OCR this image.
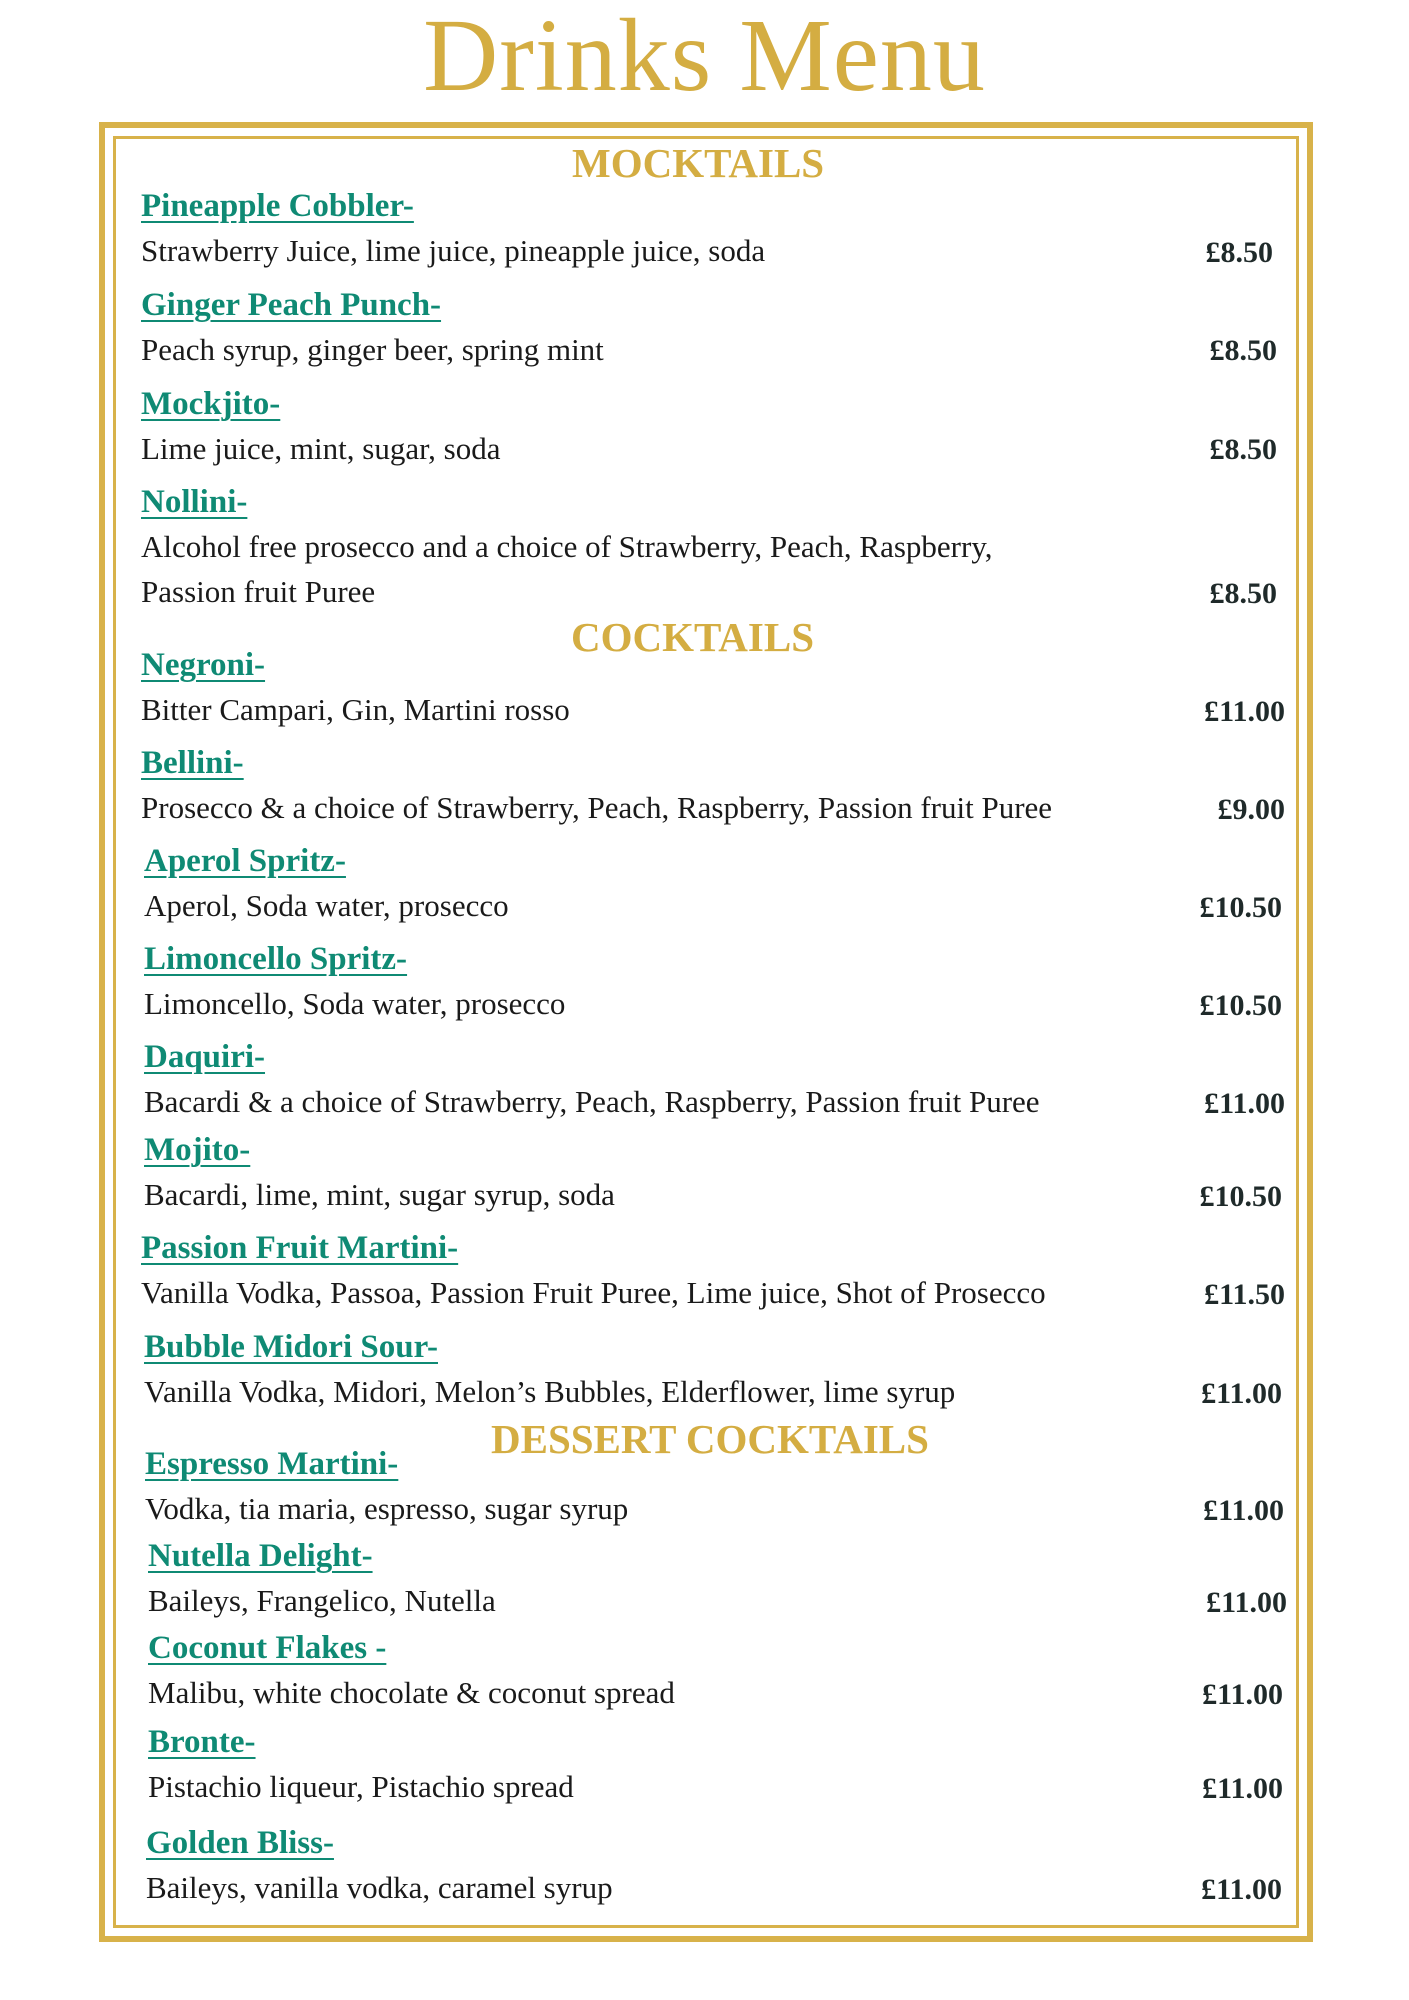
Drinks Menu
MOCKTAILS
Pineapple Cobbler-
Strawberry Juice, lime juice, pineapple juice, soda	£8.50
Ginger Peach Punch-
Peach syrup, ginger beer, spring mint	£8.50
Mockjito-
Lime juice, mint, sugar, soda	£8.50
Nollini-
Alcohol free prosecco and a choice of Strawberry, Peach, Raspberry,
Passion fruit Puree	£8.50
COCKTAILS
Negroni-
Bitter Campari, Gin, Martini rosso	£11.00
Bellini-
Prosecco & a choice of Strawberry, Peach, Raspberry, Passion fruit Puree	£9.00
Aperol Spritz-
Aperol, Soda water, prosecco	£10.50
Limoncello Spritz-
Limoncello, Soda water, prosecco	£10.50
Daquiri-
Bacardi & a choice of Strawberry, Peach, Raspberry, Passion fruit Puree	£11.00
Mojito-
Bacardi, lime, mint, sugar syrup, soda	£10.50
Passion Fruit Martini-
Vanilla Vodka, Passoa, Passion Fruit Puree, Lime juice, Shot of Prosecco	£11.50
Bubble Midori Sour-
Vanilla Vodka, Midori, Melon’s Bubbles, Elderflower, lime syrup	£11.00
DESSERT COCKTAILS
Espresso Martini-
Vodka, tia maria, espresso, sugar syrup	£11.00
Nutella Delight-
Baileys, Frangelico, Nutella	£11.00
Coconut Flakes -
Malibu, white chocolate & coconut spread	£11.00
Bronte-
Pistachio liqueur, Pistachio spread	£11.00
Golden Bliss-
Baileys, vanilla vodka, caramel syrup	£11.00
